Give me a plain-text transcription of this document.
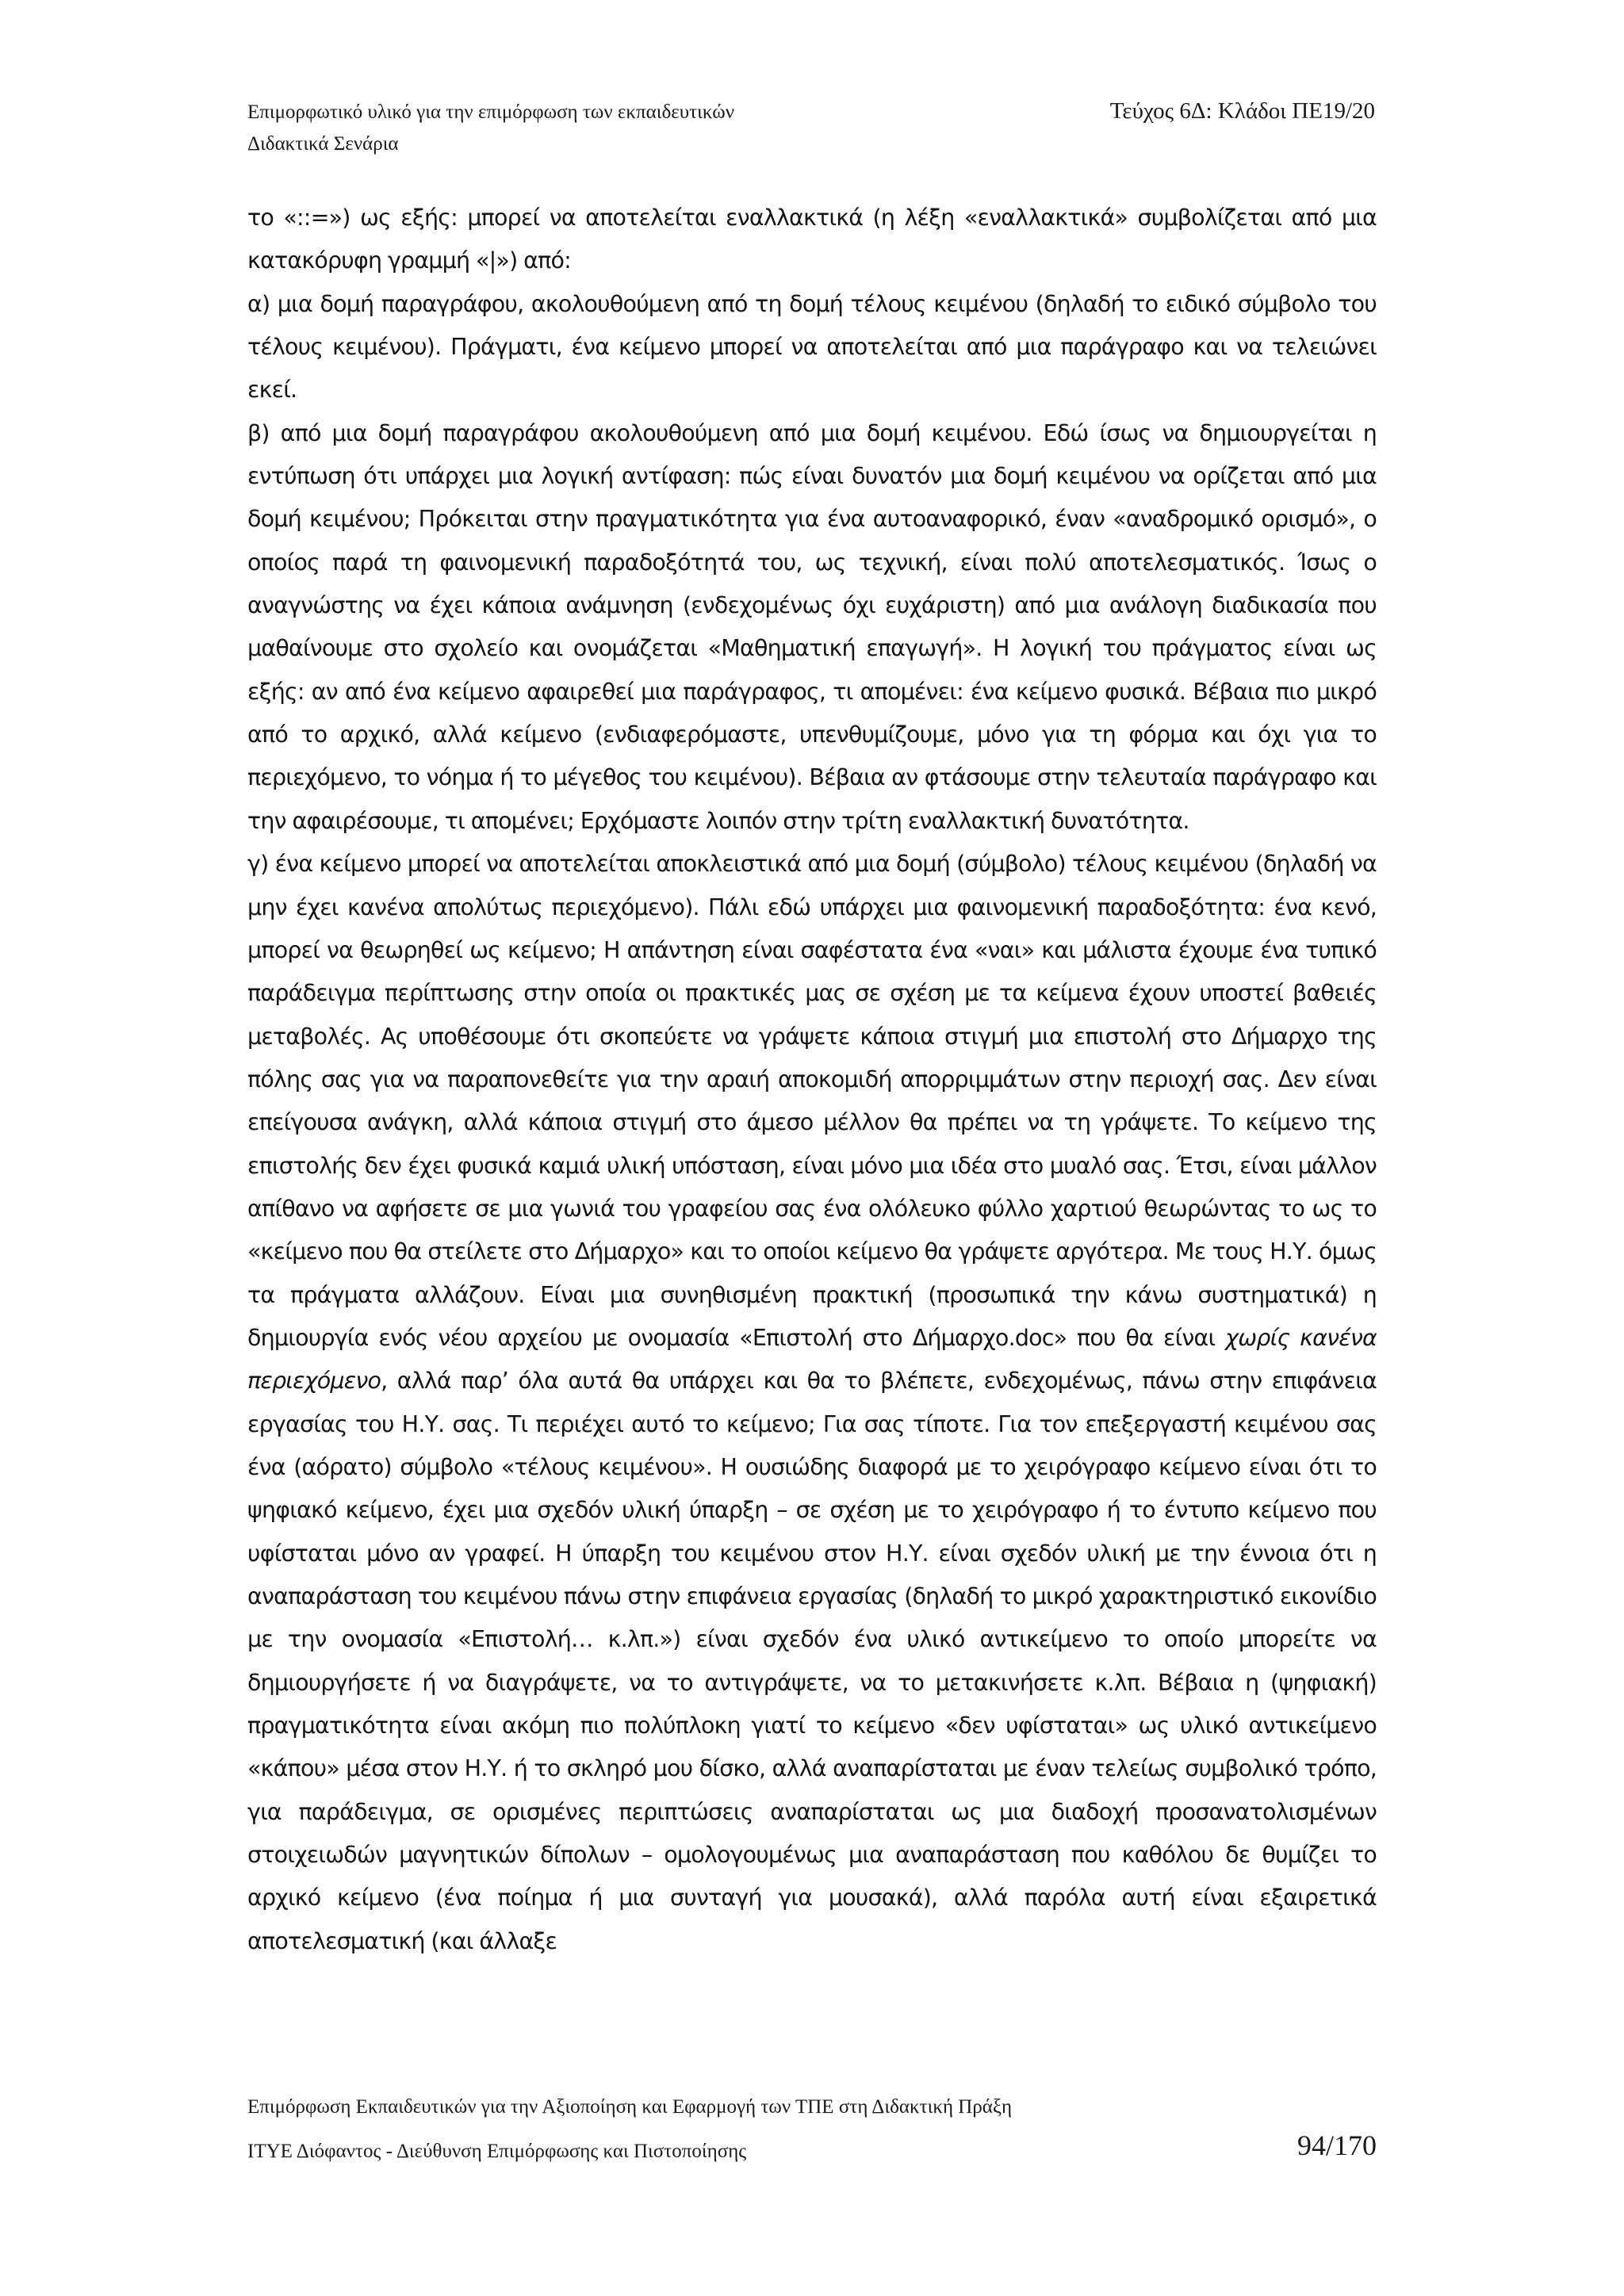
Επιμορφωτικό υλικό για την επιμόρφωση των εκπαιδευτικών
Διδακτικά Σενάρια
Τεύχος 6Δ: Κλάδοι ΠΕ19/20

το «::=») ως εξής: μπορεί να αποτελείται εναλλακτικά (η λέξη «εναλλακτικά» συμβολίζεται από μια κατακόρυφη γραμμή «|») από:

α) μια δομή παραγράφου, ακολουθούμενη από τη δομή τέλους κειμένου (δηλαδή το ειδικό σύμβολο του τέλους κειμένου). Πράγματι, ένα κείμενο μπορεί να αποτελείται από μια παράγραφο και να τελειώνει εκεί.

β) από μια δομή παραγράφου ακολουθούμενη από μια δομή κειμένου. Εδώ ίσως να δημιουργείται η εντύπωση ότι υπάρχει μια λογική αντίφαση: πώς είναι δυνατόν μια δομή κειμένου να ορίζεται από μια δομή κειμένου; Πρόκειται στην πραγματικότητα για ένα αυτοαναφορικό, έναν «αναδρομικό ορισμό», ο οποίος παρά τη φαινομενική παραδοξότητά του, ως τεχνική, είναι πολύ αποτελεσματικός. Ίσως ο αναγνώστης να έχει κάποια ανάμνηση (ενδεχομένως όχι ευχάριστη) από μια ανάλογη διαδικασία που μαθαίνουμε στο σχολείο και ονομάζεται «Μαθηματική επαγωγή». Η λογική του πράγματος είναι ως εξής: αν από ένα κείμενο αφαιρεθεί μια παράγραφος, τι απομένει: ένα κείμενο φυσικά. Βέβαια πιο μικρό από το αρχικό, αλλά κείμενο (ενδιαφερόμαστε, υπενθυμίζουμε, μόνο για τη φόρμα και όχι για το περιεχόμενο, το νόημα ή το μέγεθος του κειμένου). Βέβαια αν φτάσουμε στην τελευταία παράγραφο και την αφαιρέσουμε, τι απομένει; Ερχόμαστε λοιπόν στην τρίτη εναλλακτική δυνατότητα.

γ) ένα κείμενο μπορεί να αποτελείται αποκλειστικά από μια δομή (σύμβολο) τέλους κειμένου (δηλαδή να μην έχει κανένα απολύτως περιεχόμενο). Πάλι εδώ υπάρχει μια φαινομενική παραδοξότητα: ένα κενό, μπορεί να θεωρηθεί ως κείμενο; Η απάντηση είναι σαφέστατα ένα «ναι» και μάλιστα έχουμε ένα τυπικό παράδειγμα περίπτωσης στην οποία οι πρακτικές μας σε σχέση με τα κείμενα έχουν υποστεί βαθειές μεταβολές. Ας υποθέσουμε ότι σκοπεύετε να γράψετε κάποια στιγμή μια επιστολή στο Δήμαρχο της πόλης σας για να παραπονεθείτε για την αραιή αποκομιδή απορριμμάτων στην περιοχή σας. Δεν είναι επείγουσα ανάγκη, αλλά κάποια στιγμή στο άμεσο μέλλον θα πρέπει να τη γράψετε. Το κείμενο της επιστολής δεν έχει φυσικά καμιά υλική υπόσταση, είναι μόνο μια ιδέα στο μυαλό σας. Έτσι, είναι μάλλον απίθανο να αφήσετε σε μια γωνιά του γραφείου σας ένα ολόλευκο φύλλο χαρτιού θεωρώντας το ως το «κείμενο που θα στείλετε στο Δήμαρχο» και το οποίοι κείμενο θα γράψετε αργότερα. Με τους Η.Υ. όμως τα πράγματα αλλάζουν. Είναι μια συνηθισμένη πρακτική (προσωπικά την κάνω συστηματικά) η δημιουργία ενός νέου αρχείου με ονομασία «Επιστολή στο Δήμαρχο.doc» που θα είναι χωρίς κανένα περιεχόμενο, αλλά παρ’ όλα αυτά θα υπάρχει και θα το βλέπετε, ενδεχομένως, πάνω στην επιφάνεια εργασίας του Η.Υ. σας. Τι περιέχει αυτό το κείμενο; Για σας τίποτε. Για τον επεξεργαστή κειμένου σας ένα (αόρατο) σύμβολο «τέλους κειμένου». Η ουσιώδης διαφορά με το χειρόγραφο κείμενο είναι ότι το ψηφιακό κείμενο, έχει μια σχεδόν υλική ύπαρξη – σε σχέση με το χειρόγραφο ή το έντυπο κείμενο που υφίσταται μόνο αν γραφεί. Η ύπαρξη του κειμένου στον Η.Υ. είναι σχεδόν υλική με την έννοια ότι η αναπαράσταση του κειμένου πάνω στην επιφάνεια εργασίας (δηλαδή το μικρό χαρακτηριστικό εικονίδιο με την ονομασία «Επιστολή… κ.λπ.») είναι σχεδόν ένα υλικό αντικείμενο το οποίο μπορείτε να δημιουργήσετε ή να διαγράψετε, να το αντιγράψετε, να το μετακινήσετε κ.λπ. Βέβαια η (ψηφιακή) πραγματικότητα είναι ακόμη πιο πολύπλοκη γιατί το κείμενο «δεν υφίσταται» ως υλικό αντικείμενο «κάπου» μέσα στον Η.Υ. ή το σκληρό μου δίσκο, αλλά αναπαρίσταται με έναν τελείως συμβολικό τρόπο, για παράδειγμα, σε ορισμένες περιπτώσεις αναπαρίσταται ως μια διαδοχή προσανατολισμένων στοιχειωδών μαγνητικών δίπολων – ομολογουμένως μια αναπαράσταση που καθόλου δε θυμίζει το αρχικό κείμενο (ένα ποίημα ή μια συνταγή για μουσακά), αλλά παρόλα αυτή είναι εξαιρετικά αποτελεσματική (και άλλαξε

Επιμόρφωση Εκπαιδευτικών για την Αξιοποίηση και Εφαρμογή των ΤΠΕ στη Διδακτική Πράξη
ΙΤΥΕ Διόφαντος - Διεύθυνση Επιμόρφωσης και Πιστοποίησης	94/170
